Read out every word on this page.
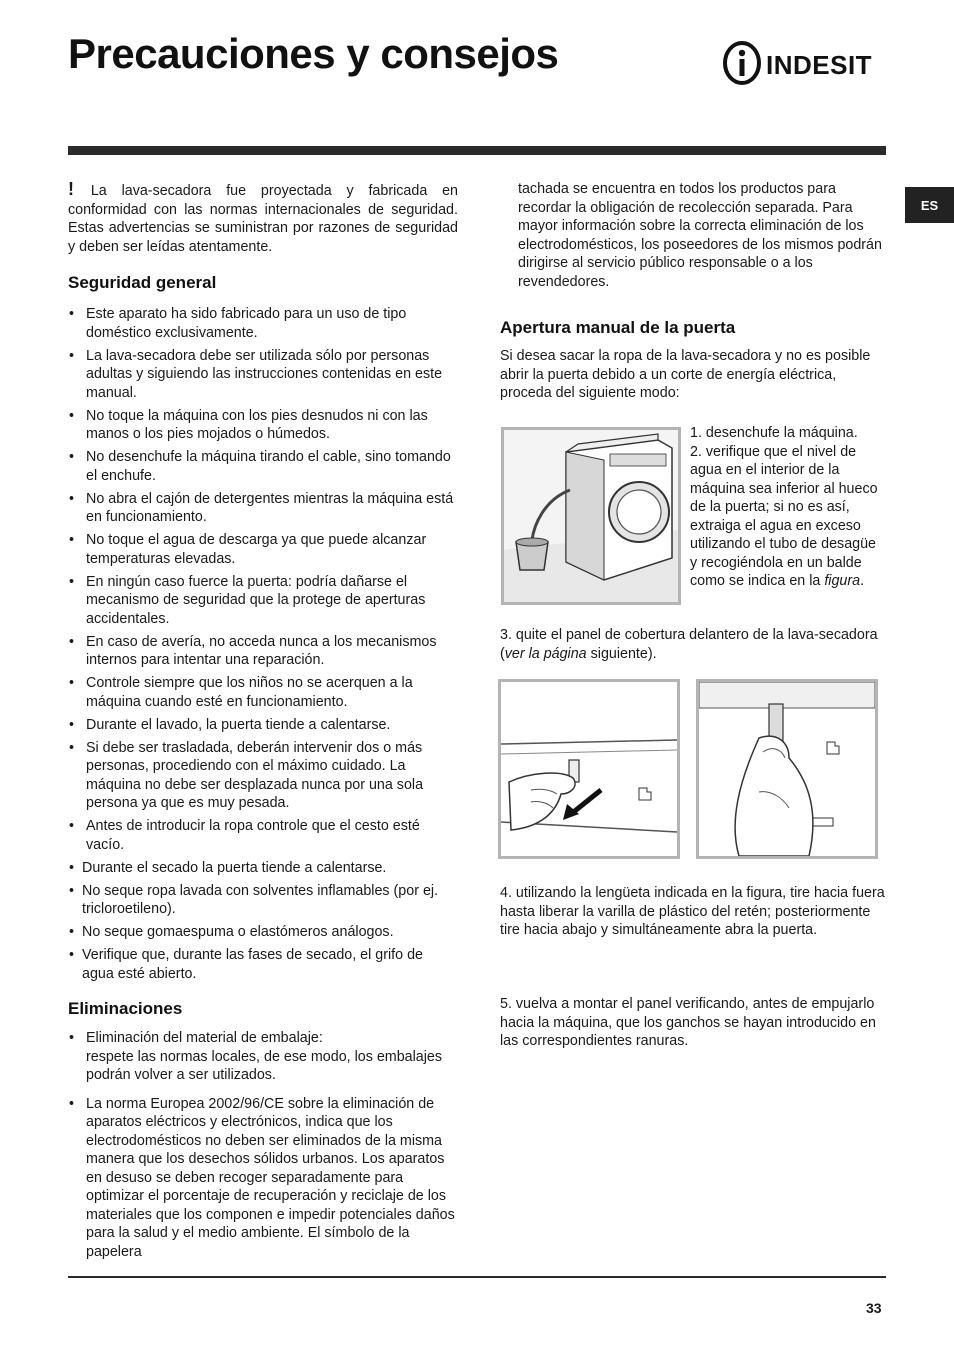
Precauciones y consejos	INDESIT
ES

! La lava-secadora fue proyectada y fabricada en conformidad con las normas internacionales de seguridad. Estas advertencias se suministran por razones de seguridad y deben ser leídas atentamente.

Seguridad general
• Este aparato ha sido fabricado para un uso de tipo doméstico exclusivamente.
• La lava-secadora debe ser utilizada sólo por personas adultas y siguiendo las instrucciones contenidas en este manual.
• No toque la máquina con los pies desnudos ni con las manos o los pies mojados o húmedos.
• No desenchufe la máquina tirando el cable, sino tomando el enchufe.
• No abra el cajón de detergentes mientras la máquina está en funcionamiento.
• No toque el agua de descarga ya que puede alcanzar temperaturas elevadas.
• En ningún caso fuerce la puerta: podría dañarse el mecanismo de seguridad que la protege de aperturas accidentales.
• En caso de avería, no acceda nunca a los mecanismos internos para intentar una reparación.
• Controle siempre que los niños no se acerquen a la máquina cuando esté en funcionamiento.
• Durante el lavado, la puerta tiende a calentarse.
• Si debe ser trasladada, deberán intervenir dos o más personas, procediendo con el máximo cuidado. La máquina no debe ser desplazada nunca por una sola persona ya que es muy pesada.
• Antes de introducir la ropa controle que el cesto esté vacío.
• Durante el secado la puerta tiende a calentarse.
• No seque ropa lavada con solventes inflamables (por ej. tricloroetileno).
• No seque gomaespuma o elastómeros análogos.
• Verifique que, durante las fases de secado, el grifo de agua esté abierto.
Eliminaciones
• Eliminación del material de embalaje:
respete las normas locales, de ese modo, los embalajes podrán volver a ser utilizados.
• La norma Europea 2002/96/CE sobre la eliminación de aparatos eléctricos y electrónicos, indica que los electrodomésticos no deben ser eliminados de la misma manera que los desechos sólidos urbanos. Los aparatos en desuso se deben recoger separadamente para optimizar el porcentaje de recuperación y reciclaje de los materiales que los componen e impedir potenciales daños para la salud y el medio ambiente. El símbolo de la papelera

tachada se encuentra en todos los productos para recordar la obligación de recolección separada. Para mayor información sobre la correcta eliminación de los electrodomésticos, los poseedores de los mismos podrán dirigirse al servicio público responsable o a los revendedores.

Apertura manual de la puerta

Si desea sacar la ropa de la lava-secadora y no es posible abrir la puerta debido a un corte de energía eléctrica, proceda del siguiente modo:

1. desenchufe la máquina.

2. verifique que el nivel de agua en el interior de la máquina sea inferior al hueco de la puerta; si no es así, extraiga el agua en exceso utilizando el tubo de desagüe y recogiéndola en un balde como se indica en la figura.

3. quite el panel de cobertura delantero de la lava-secadora (ver la página siguiente).

4. utilizando la lengüeta indicada en la figura, tire hacia fuera hasta liberar la varilla de plástico del retén; posteriormente tire hacia abajo y simultáneamente abra la puerta.

5. vuelva a montar el panel verificando, antes de empujarlo hacia la máquina, que los ganchos se hayan introducido en las correspondientes ranuras.

33
